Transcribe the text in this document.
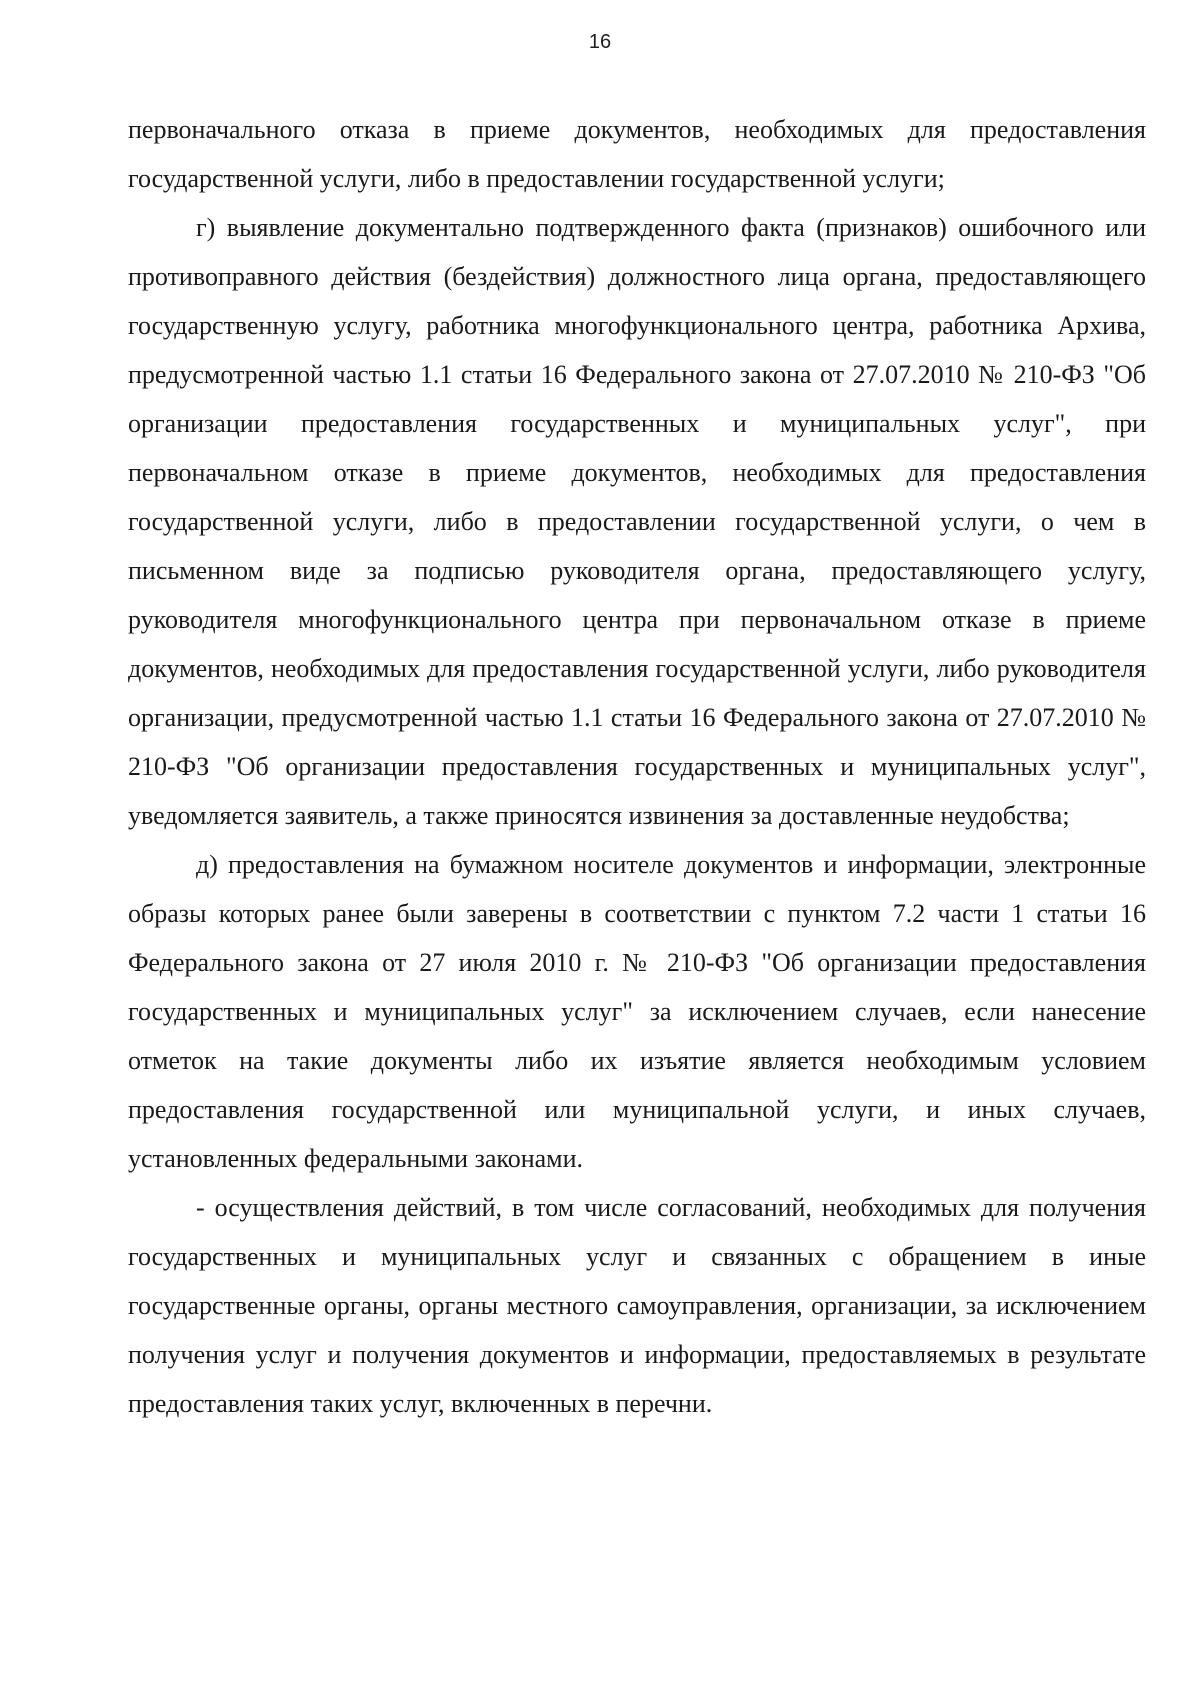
16

первоначального отказа в приеме документов, необходимых для предоставления государственной услуги, либо в предоставлении государственной услуги;

г) выявление документально подтвержденного факта (признаков) ошибочного или противоправного действия (бездействия) должностного лица органа, предоставляющего государственную услугу, работника многофункционального центра, работника Архива, предусмотренной частью 1.1 статьи 16 Федерального закона от 27.07.2010 № 210-ФЗ "Об организации предоставления государственных и муниципальных услуг", при первоначальном отказе в приеме документов, необходимых для предоставления государственной услуги, либо в предоставлении государственной услуги, о чем в письменном виде за подписью руководителя органа, предоставляющего услугу, руководителя многофункционального центра при первоначальном отказе в приеме документов, необходимых для предоставления государственной услуги, либо руководителя организации, предусмотренной частью 1.1 статьи 16 Федерального закона от 27.07.2010 № 210-ФЗ "Об организации предоставления государственных и муниципальных услуг", уведомляется заявитель, а также приносятся извинения за доставленные неудобства;

д) предоставления на бумажном носителе документов и информации, электронные образы которых ранее были заверены в соответствии с пунктом 7.2 части 1 статьи 16 Федерального закона от 27 июля 2010 г. № 210-ФЗ "Об организации предоставления государственных и муниципальных услуг" за исключением случаев, если нанесение отметок на такие документы либо их изъятие является необходимым условием предоставления государственной или муниципальной услуги, и иных случаев, установленных федеральными законами.

- осуществления действий, в том числе согласований, необходимых для получения государственных и муниципальных услуг и связанных с обращением в иные государственные органы, органы местного самоуправления, организации, за исключением получения услуг и получения документов и информации, предоставляемых в результате предоставления таких услуг, включенных в перечни.
